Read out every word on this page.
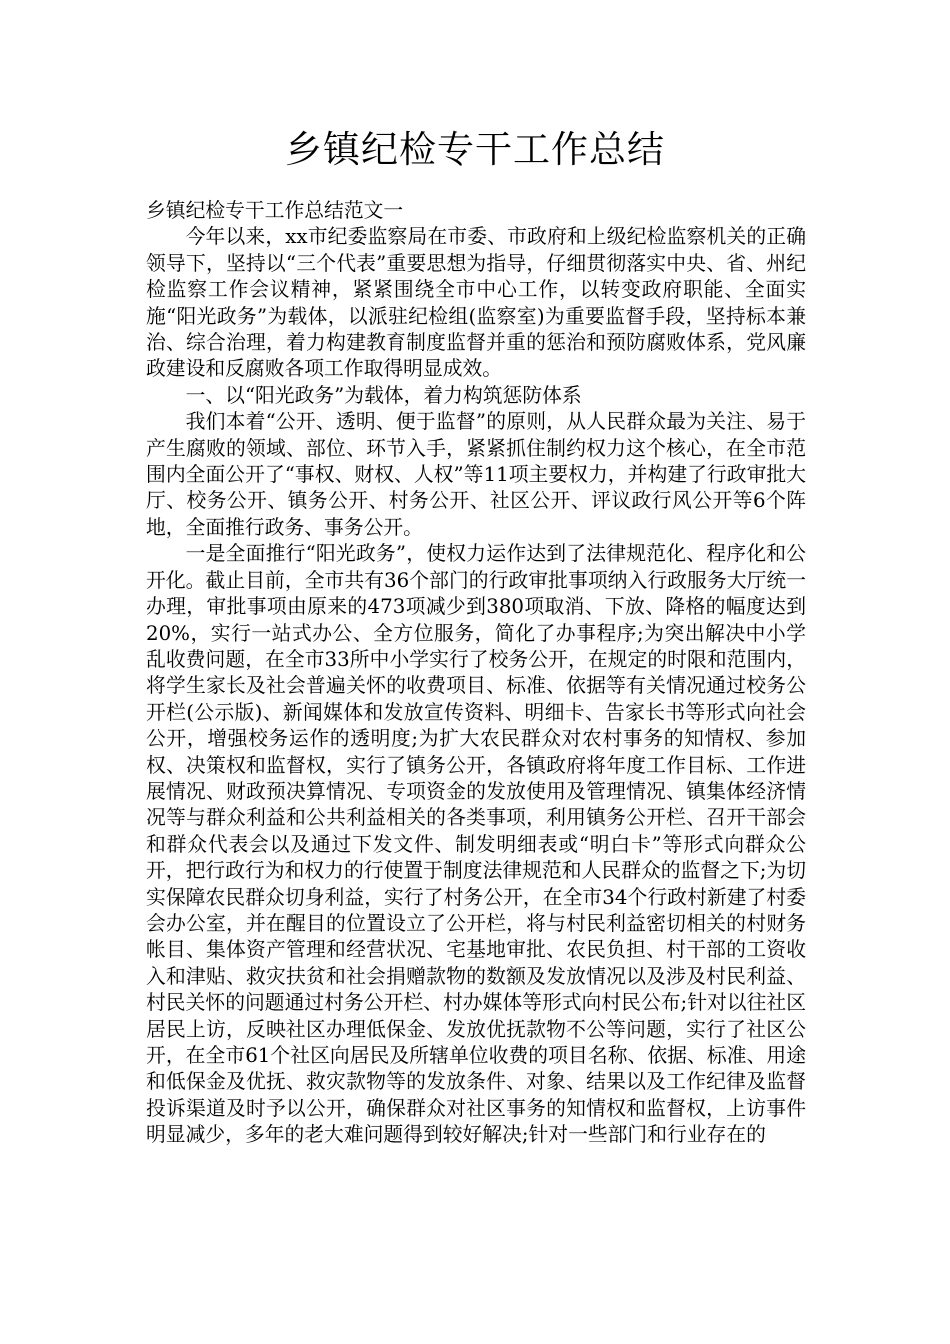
乡镇纪检专干工作总结

乡镇纪检专干工作总结范文一

今年以来，xx市纪委监察局在市委、市政府和上级纪检监察机关的正确领导下，坚持以“三个代表”重要思想为指导，仔细贯彻落实中央、省、州纪检监察工作会议精神，紧紧围绕全市中心工作，以转变政府职能、全面实施“阳光政务”为载体，以派驻纪检组(监察室)为重要监督手段，坚持标本兼治、综合治理，着力构建教育制度监督并重的惩治和预防腐败体系，党风廉政建设和反腐败各项工作取得明显成效。

一、以“阳光政务”为载体，着力构筑惩防体系

我们本着“公开、透明、便于监督”的原则，从人民群众最为关注、易于产生腐败的领域、部位、环节入手，紧紧抓住制约权力这个核心，在全市范围内全面公开了“事权、财权、人权”等11项主要权力，并构建了行政审批大厅、校务公开、镇务公开、村务公开、社区公开、评议政行风公开等6个阵地，全面推行政务、事务公开。

一是全面推行“阳光政务”，使权力运作达到了法律规范化、程序化和公开化。截止目前，全市共有36个部门的行政审批事项纳入行政服务大厅统一办理，审批事项由原来的473项减少到380项取消、下放、降格的幅度达到20%，实行一站式办公、全方位服务，简化了办事程序;为突出解决中小学乱收费问题，在全市33所中小学实行了校务公开，在规定的时限和范围内，将学生家长及社会普遍关怀的收费项目、标准、依据等有关情况通过校务公开栏(公示版)、新闻媒体和发放宣传资料、明细卡、告家长书等形式向社会公开，增强校务运作的透明度;为扩大农民群众对农村事务的知情权、参加权、决策权和监督权，实行了镇务公开，各镇政府将年度工作目标、工作进展情况、财政预决算情况、专项资金的发放使用及管理情况、镇集体经济情况等与群众利益和公共利益相关的各类事项，利用镇务公开栏、召开干部会和群众代表会以及通过下发文件、制发明细表或“明白卡”等形式向群众公开，把行政行为和权力的行使置于制度法律规范和人民群众的监督之下;为切实保障农民群众切身利益，实行了村务公开，在全市34个行政村新建了村委会办公室，并在醒目的位置设立了公开栏，将与村民利益密切相关的村财务帐目、集体资产管理和经营状况、宅基地审批、农民负担、村干部的工资收入和津贴、救灾扶贫和社会捐赠款物的数额及发放情况以及涉及村民利益、村民关怀的问题通过村务公开栏、村办媒体等形式向村民公布;针对以往社区居民上访，反映社区办理低保金、发放优抚款物不公等问题，实行了社区公开，在全市61个社区向居民及所辖单位收费的项目名称、依据、标准、用途和低保金及优抚、救灾款物等的发放条件、对象、结果以及工作纪律及监督投诉渠道及时予以公开，确保群众对社区事务的知情权和监督权，上访事件明显减少，多年的老大难问题得到较好解决;针对一些部门和行业存在的
